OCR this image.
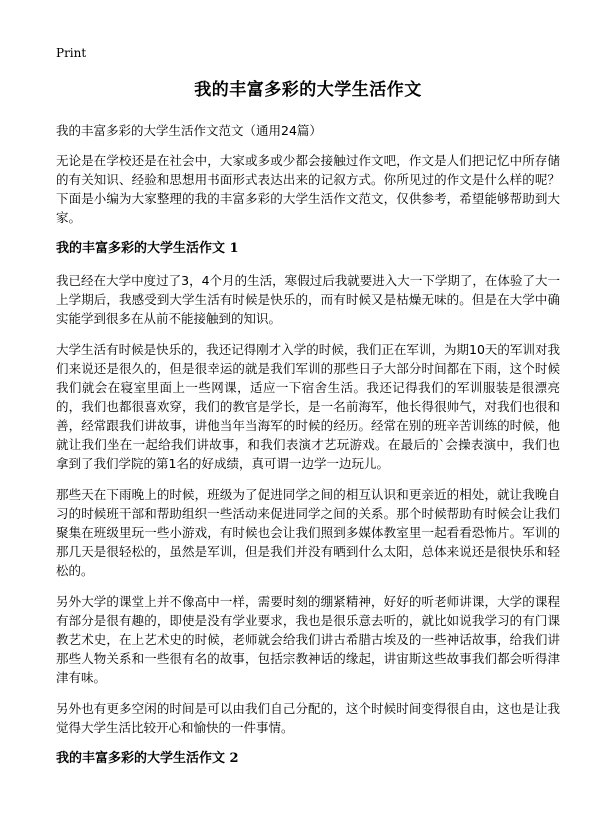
Print
我的丰富多彩的大学生活作文

我的丰富多彩的大学生活作文范文（通用24篇）

无论是在学校还是在社会中，大家或多或少都会接触过作文吧，作文是人们把记忆中所存储的有关知识、经验和思想用书面形式表达出来的记叙方式。你所见过的作文是什么样的呢？下面是小编为大家整理的我的丰富多彩的大学生活作文范文，仅供参考，希望能够帮助到大家。

我的丰富多彩的大学生活作文 1

我已经在大学中度过了3，4个月的生活，寒假过后我就要进入大一下学期了，在体验了大一上学期后，我感受到大学生活有时候是快乐的，而有时候又是枯燥无味的。但是在大学中确实能学到很多在从前不能接触到的知识。

大学生活有时候是快乐的，我还记得刚才入学的时候，我们正在军训，为期10天的军训对我们来说还是很久的，但是很幸运的就是我们军训的那些日子大部分时间都在下雨，这个时候我们就会在寝室里面上一些网课，适应一下宿舍生活。我还记得我们的军训服装是很漂亮的，我们也都很喜欢穿，我们的教官是学长，是一名前海军，他长得很帅气，对我们也很和善，经常跟我们讲故事，讲他当年当海军的时候的经历。经常在别的班辛苦训练的时候，他就让我们坐在一起给我们讲故事，和我们表演才艺玩游戏。在最后的`会操表演中，我们也拿到了我们学院的第1名的好成绩，真可谓一边学一边玩儿。

那些天在下雨晚上的时候，班级为了促进同学之间的相互认识和更亲近的相处，就让我晚自习的时候班干部和帮助组织一些活动来促进同学之间的关系。那个时候帮助有时候会让我们聚集在班级里玩一些小游戏，有时候也会让我们照到多媒体教室里一起看看恐怖片。军训的那几天是很轻松的，虽然是军训，但是我们并没有晒到什么太阳，总体来说还是很快乐和轻松的。

另外大学的课堂上并不像高中一样，需要时刻的绷紧精神，好好的听老师讲课，大学的课程有部分是很有趣的，即使是没有学业要求，我也是很乐意去听的，就比如说我学习的有门课教艺术史，在上艺术史的时候，老师就会给我们讲古希腊古埃及的一些神话故事，给我们讲那些人物关系和一些很有名的故事，包括宗教神话的缘起，讲宙斯这些故事我们都会听得津津有味。

另外也有更多空闲的时间是可以由我们自己分配的，这个时候时间变得很自由，这也是让我觉得大学生活比较开心和愉快的一件事情。

我的丰富多彩的大学生活作文 2
